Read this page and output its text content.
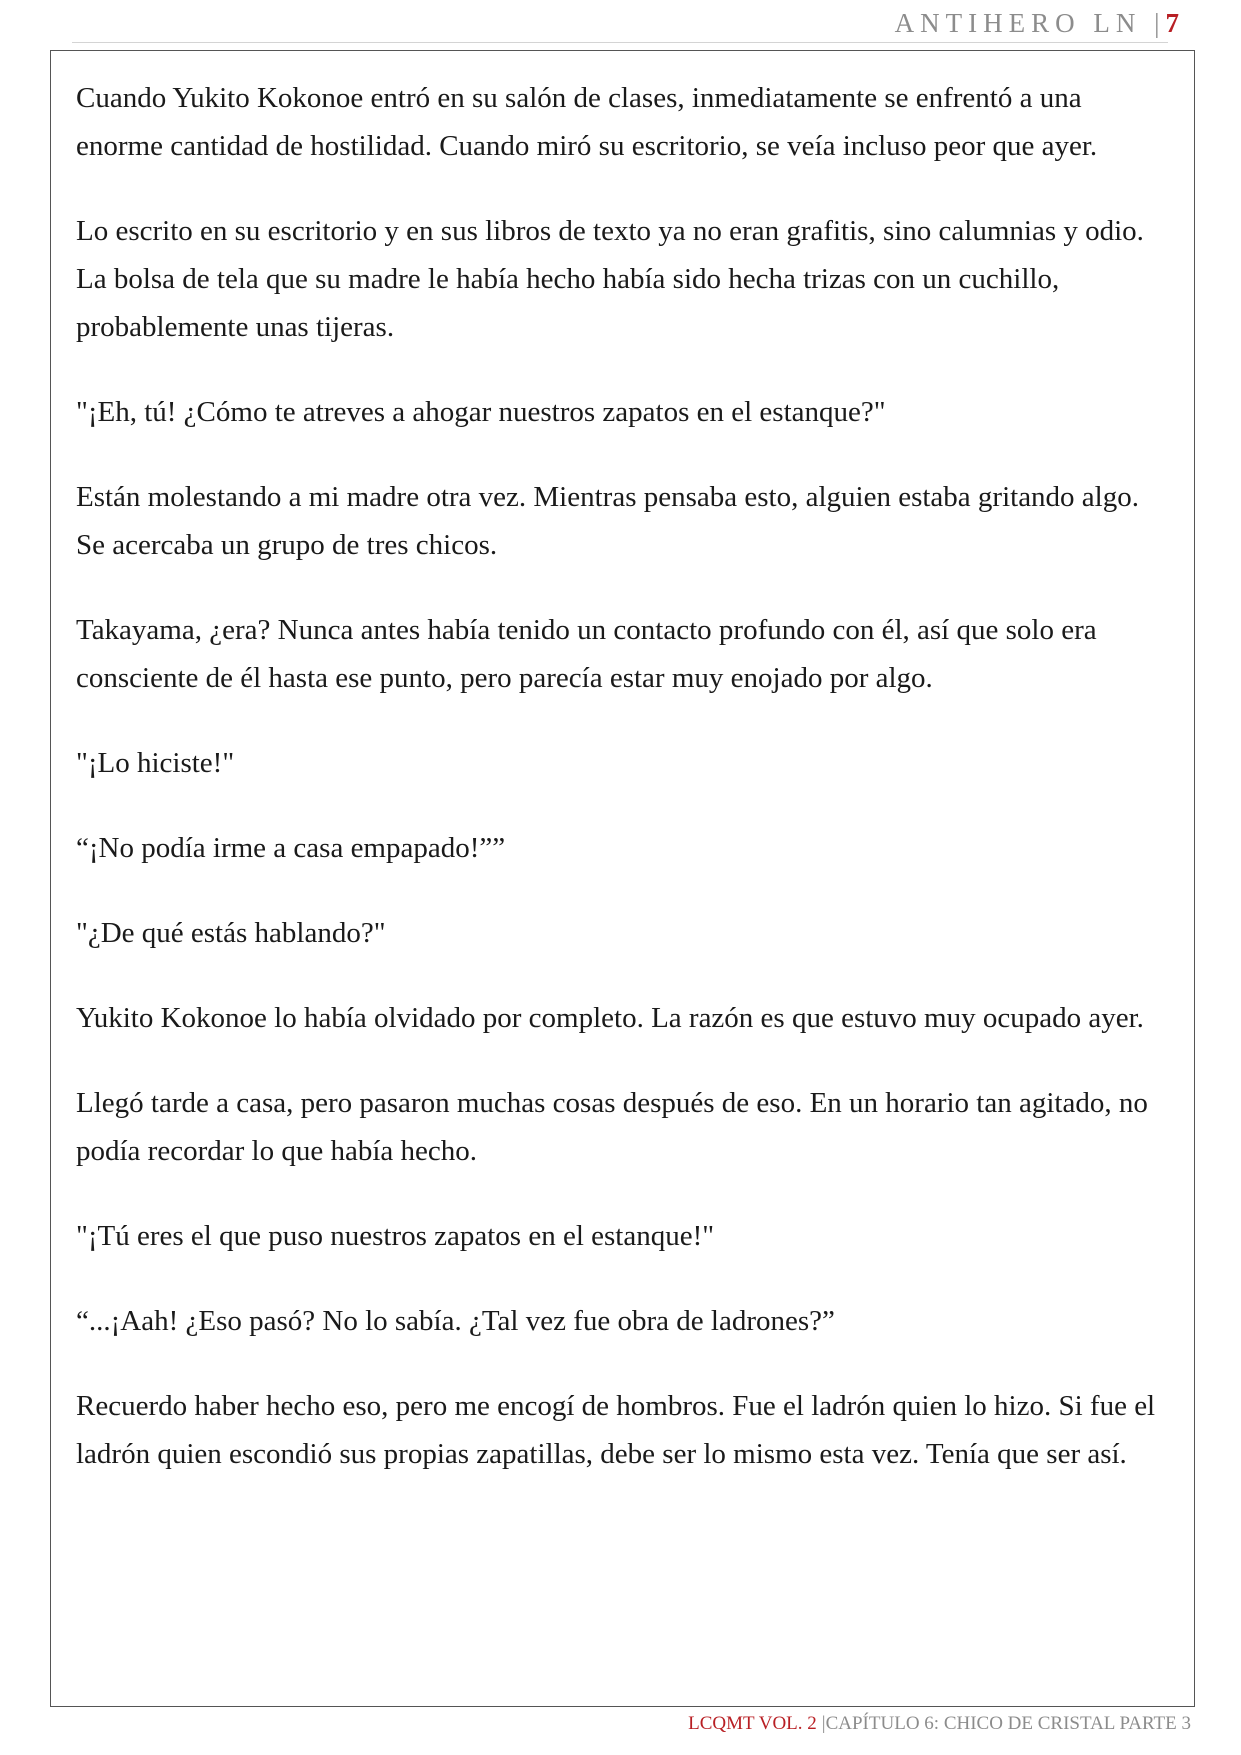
ANTIHERO LN | 7

Cuando Yukito Kokonoe entró en su salón de clases, inmediatamente se enfrentó a una enorme cantidad de hostilidad. Cuando miró su escritorio, se veía incluso peor que ayer.

Lo escrito en su escritorio y en sus libros de texto ya no eran grafitis, sino calumnias y odio. La bolsa de tela que su madre le había hecho había sido hecha trizas con un cuchillo, probablemente unas tijeras.

"¡Eh, tú! ¿Cómo te atreves a ahogar nuestros zapatos en el estanque?"

Están molestando a mi madre otra vez. Mientras pensaba esto, alguien estaba gritando algo. Se acercaba un grupo de tres chicos.

Takayama, ¿era? Nunca antes había tenido un contacto profundo con él, así que solo era consciente de él hasta ese punto, pero parecía estar muy enojado por algo.

"¡Lo hiciste!"

“¡No podía irme a casa empapado!””

"¿De qué estás hablando?"

Yukito Kokonoe lo había olvidado por completo. La razón es que estuvo muy ocupado ayer.

Llegó tarde a casa, pero pasaron muchas cosas después de eso. En un horario tan agitado, no podía recordar lo que había hecho.

"¡Tú eres el que puso nuestros zapatos en el estanque!"

“...¡Aah! ¿Eso pasó? No lo sabía. ¿Tal vez fue obra de ladrones?”

Recuerdo haber hecho eso, pero me encogí de hombros. Fue el ladrón quien lo hizo. Si fue el ladrón quien escondió sus propias zapatillas, debe ser lo mismo esta vez. Tenía que ser así.

LCQMT VOL. 2 |CAPÍTULO 6: CHICO DE CRISTAL PARTE 3
